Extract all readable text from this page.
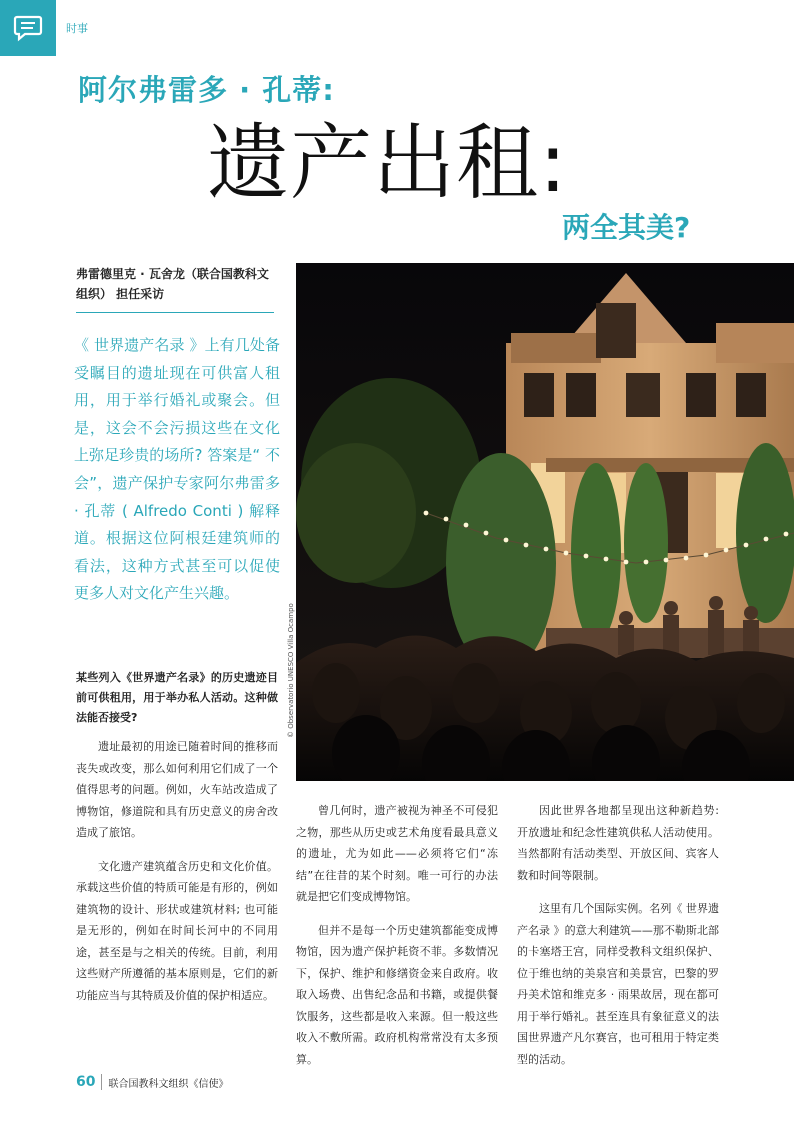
时事
阿尔弗雷多 · 孔蒂:
遗产出租:
两全其美?
弗雷德里克 · 瓦舍龙（联合国教科文组织） 担任采访
《 世界遗产名录 》上有几处备受瞩目的遗址现在可供富人租用，用于举行婚礼或聚会。但是，这会不会污损这些在文化上弥足珍贵的场所? 答案是“ 不会”，遗产保护专家阿尔弗雷多 · 孔蒂 ( Alfredo Conti ) 解释道。根据这位阿根廷建筑师的看法，这种方式甚至可以促使更多人对文化产生兴趣。
© Observatorio UNESCO Villa Ocampo

某些列入《世界遗产名录》的历史遗迹目前可供租用，用于举办私人活动。这种做法能否接受?

遗址最初的用途已随着时间的推移而丧失或改变，那么如何利用它们成了一个值得思考的问题。例如，火车站改造成了博物馆，修道院和具有历史意义的房舍改造成了旅馆。

文化遗产建筑蕴含历史和文化价值。承载这些价值的特质可能是有形的，例如建筑物的设计、形状或建筑材料; 也可能是无形的，例如在时间长河中的不同用途，甚至是与之相关的传统。目前，利用这些财产所遵循的基本原则是，它们的新功能应当与其特质及价值的保护相适应。

曾几何时，遗产被视为神圣不可侵犯之物，那些从历史或艺术角度看最具意义的遗址，尤为如此——必须将它们“冻结”在往昔的某个时刻。唯一可行的办法就是把它们变成博物馆。

但并不是每一个历史建筑都能变成博物馆，因为遗产保护耗资不菲。多数情况下，保护、维护和修缮资金来自政府。收取入场费、出售纪念品和书籍，或提供餐饮服务，这些都是收入来源。但一般这些收入不敷所需。政府机构常常没有太多预算。

因此世界各地都呈现出这种新趋势: 开放遗址和纪念性建筑供私人活动使用。当然都附有活动类型、开放区间、宾客人数和时间等限制。

这里有几个国际实例。名列《 世界遗产名录 》的意大利建筑——那不勒斯北部的卡塞塔王宫，同样受教科文组织保护、位于维也纳的美泉宫和美景宫，巴黎的罗丹美术馆和维克多 · 雨果故居，现在都可用于举行婚礼。甚至连具有象征意义的法国世界遗产凡尔赛宫，也可租用于特定类型的活动。

60 联合国教科文组织《信使》
